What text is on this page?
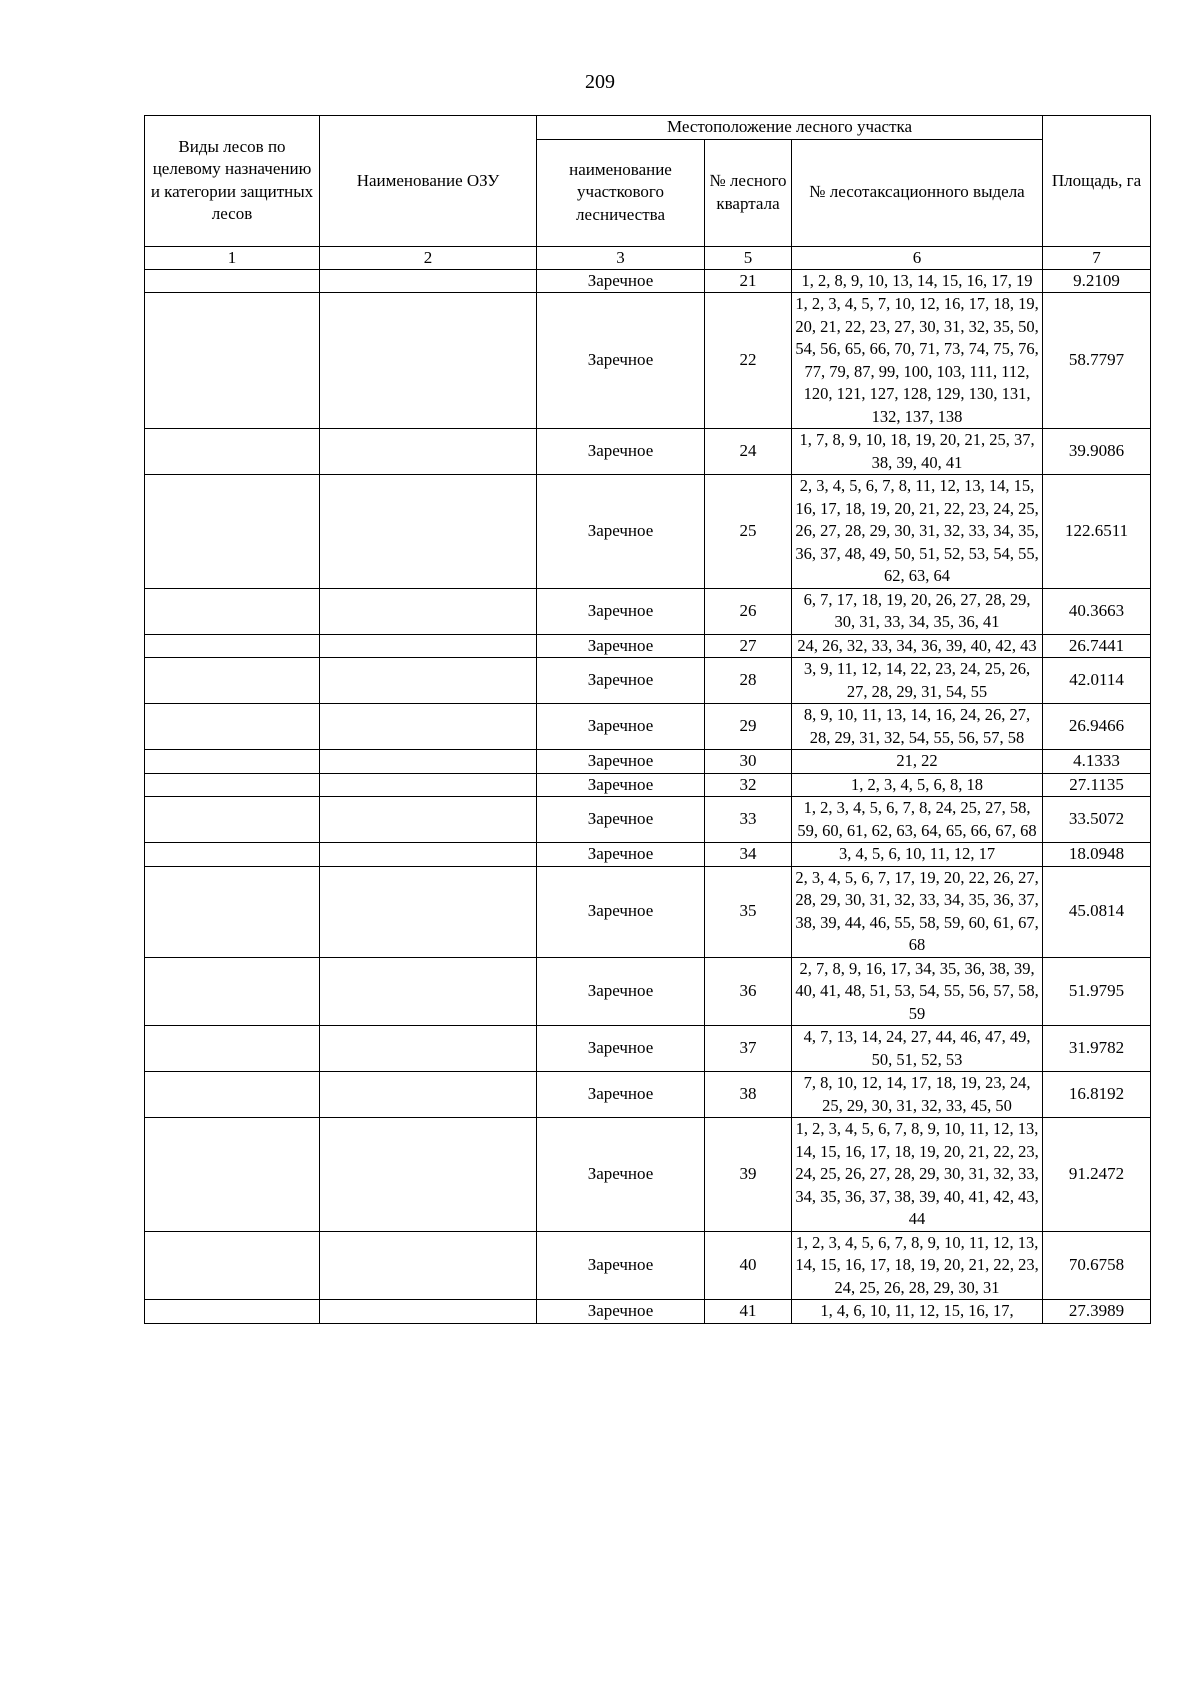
209
Виды лесов по целевому назначению и категории защитных лесов	Наименование ОЗУ	Местоположение лесного участка			Площадь, га
		наименование участкового лесничества	№ лесного квартала	№ лесотаксационного выдела	
1	2	3	5	6	7
		Заречное	21	1, 2, 8, 9, 10, 13, 14, 15, 16, 17, 19	9.2109
		Заречное	22	1, 2, 3, 4, 5, 7, 10, 12, 16, 17, 18, 19, 20, 21, 22, 23, 27, 30, 31, 32, 35, 50, 54, 56, 65, 66, 70, 71, 73, 74, 75, 76, 77, 79, 87, 99, 100, 103, 111, 112, 120, 121, 127, 128, 129, 130, 131, 132, 137, 138	58.7797
		Заречное	24	1, 7, 8, 9, 10, 18, 19, 20, 21, 25, 37, 38, 39, 40, 41	39.9086
		Заречное	25	2, 3, 4, 5, 6, 7, 8, 11, 12, 13, 14, 15, 16, 17, 18, 19, 20, 21, 22, 23, 24, 25, 26, 27, 28, 29, 30, 31, 32, 33, 34, 35, 36, 37, 48, 49, 50, 51, 52, 53, 54, 55, 62, 63, 64	122.6511
		Заречное	26	6, 7, 17, 18, 19, 20, 26, 27, 28, 29, 30, 31, 33, 34, 35, 36, 41	40.3663
		Заречное	27	24, 26, 32, 33, 34, 36, 39, 40, 42, 43	26.7441
		Заречное	28	3, 9, 11, 12, 14, 22, 23, 24, 25, 26, 27, 28, 29, 31, 54, 55	42.0114
		Заречное	29	8, 9, 10, 11, 13, 14, 16, 24, 26, 27, 28, 29, 31, 32, 54, 55, 56, 57, 58	26.9466
		Заречное	30	21, 22	4.1333
		Заречное	32	1, 2, 3, 4, 5, 6, 8, 18	27.1135
		Заречное	33	1, 2, 3, 4, 5, 6, 7, 8, 24, 25, 27, 58, 59, 60, 61, 62, 63, 64, 65, 66, 67, 68	33.5072
		Заречное	34	3, 4, 5, 6, 10, 11, 12, 17	18.0948
		Заречное	35	2, 3, 4, 5, 6, 7, 17, 19, 20, 22, 26, 27, 28, 29, 30, 31, 32, 33, 34, 35, 36, 37, 38, 39, 44, 46, 55, 58, 59, 60, 61, 67, 68	45.0814
		Заречное	36	2, 7, 8, 9, 16, 17, 34, 35, 36, 38, 39, 40, 41, 48, 51, 53, 54, 55, 56, 57, 58, 59	51.9795
		Заречное	37	4, 7, 13, 14, 24, 27, 44, 46, 47, 49, 50, 51, 52, 53	31.9782
		Заречное	38	7, 8, 10, 12, 14, 17, 18, 19, 23, 24, 25, 29, 30, 31, 32, 33, 45, 50	16.8192
		Заречное	39	1, 2, 3, 4, 5, 6, 7, 8, 9, 10, 11, 12, 13, 14, 15, 16, 17, 18, 19, 20, 21, 22, 23, 24, 25, 26, 27, 28, 29, 30, 31, 32, 33, 34, 35, 36, 37, 38, 39, 40, 41, 42, 43, 44	91.2472
		Заречное	40	1, 2, 3, 4, 5, 6, 7, 8, 9, 10, 11, 12, 13, 14, 15, 16, 17, 18, 19, 20, 21, 22, 23, 24, 25, 26, 28, 29, 30, 31	70.6758
		Заречное	41	1, 4, 6, 10, 11, 12, 15, 16, 17,	27.3989
